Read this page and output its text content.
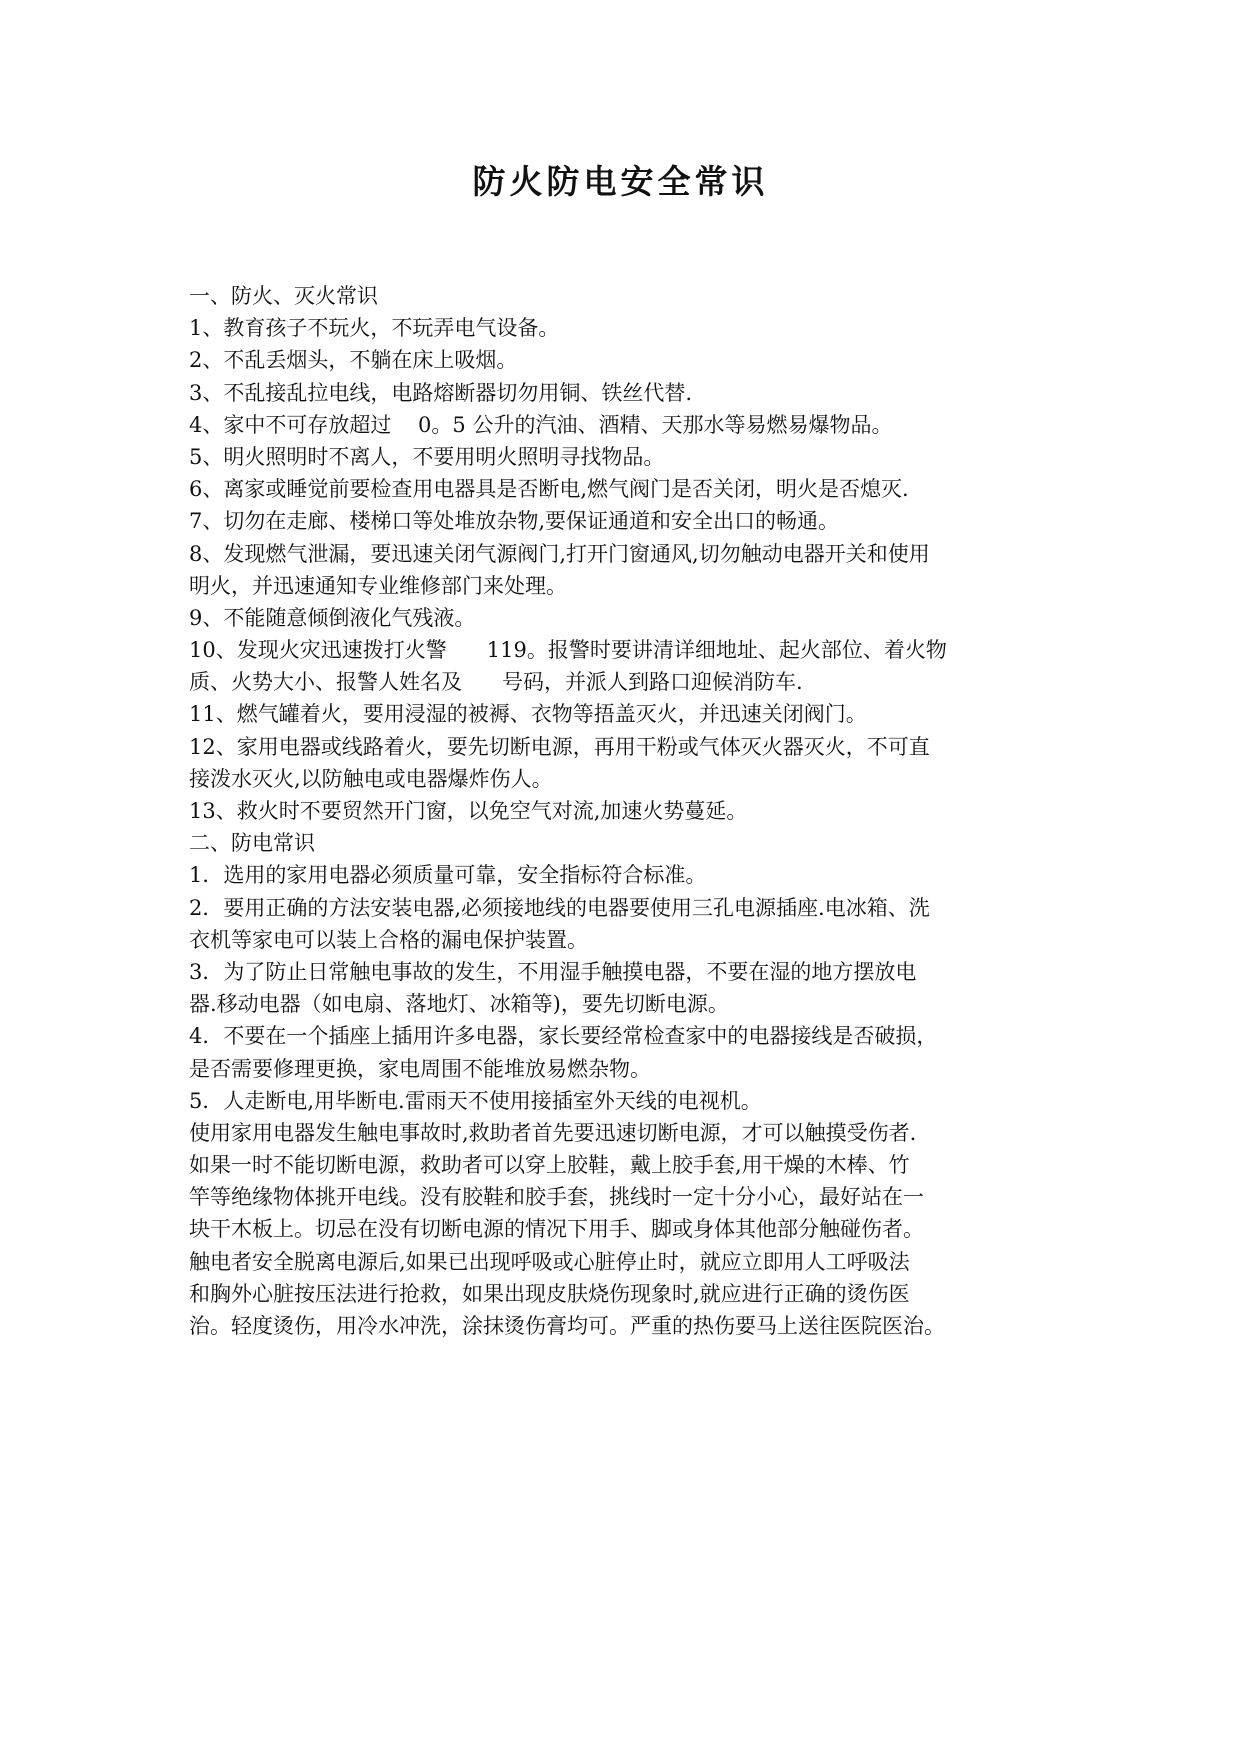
防火防电安全常识
一、防火、灭火常识
1、教育孩子不玩火，不玩弄电气设备。
2、不乱丢烟头，不躺在床上吸烟。
3、不乱接乱拉电线，电路熔断器切勿用铜、铁丝代替.
4、家中不可存放超过    0。5 公升的汽油、酒精、天那水等易燃易爆物品。
5、明火照明时不离人，不要用明火照明寻找物品。
6、离家或睡觉前要检查用电器具是否断电,燃气阀门是否关闭，明火是否熄灭.
7、切勿在走廊、楼梯口等处堆放杂物,要保证通道和安全出口的畅通。
8、发现燃气泄漏，要迅速关闭气源阀门,打开门窗通风,切勿触动电器开关和使用
明火，并迅速通知专业维修部门来处理。
9、不能随意倾倒液化气残液。
10、发现火灾迅速拨打火警      119。报警时要讲清详细地址、起火部位、着火物
质、火势大小、报警人姓名及      号码，并派人到路口迎候消防车.
11、燃气罐着火，要用浸湿的被褥、衣物等捂盖灭火，并迅速关闭阀门。
12、家用电器或线路着火，要先切断电源，再用干粉或气体灭火器灭火，不可直
接泼水灭火,以防触电或电器爆炸伤人。
13、救火时不要贸然开门窗，以免空气对流,加速火势蔓延。
二、防电常识
1．选用的家用电器必须质量可靠，安全指标符合标准。
2．要用正确的方法安装电器,必须接地线的电器要使用三孔电源插座.电冰箱、洗
衣机等家电可以装上合格的漏电保护装置。
3．为了防止日常触电事故的发生，不用湿手触摸电器，不要在湿的地方摆放电
器.移动电器（如电扇、落地灯、冰箱等)，要先切断电源。
4．不要在一个插座上插用许多电器，家长要经常检查家中的电器接线是否破损，
是否需要修理更换，家电周围不能堆放易燃杂物。
5．人走断电,用毕断电.雷雨天不使用接插室外天线的电视机。
使用家用电器发生触电事故时,救助者首先要迅速切断电源，才可以触摸受伤者.
如果一时不能切断电源，救助者可以穿上胶鞋，戴上胶手套,用干燥的木棒、竹
竿等绝缘物体挑开电线。没有胶鞋和胶手套，挑线时一定十分小心，最好站在一
块干木板上。切忌在没有切断电源的情况下用手、脚或身体其他部分触碰伤者。
触电者安全脱离电源后,如果已出现呼吸或心脏停止时，就应立即用人工呼吸法
和胸外心脏按压法进行抢救，如果出现皮肤烧伤现象时,就应进行正确的烫伤医
治。轻度烫伤，用冷水冲洗，涂抹烫伤膏均可。严重的热伤要马上送往医院医治。
